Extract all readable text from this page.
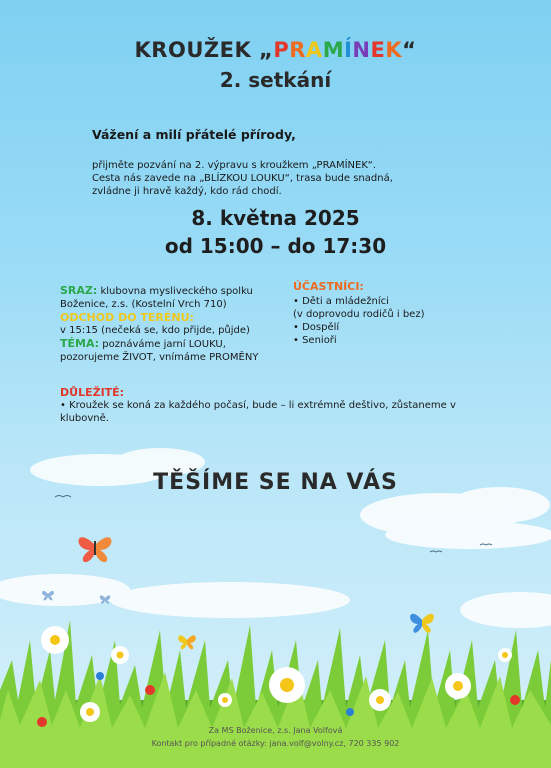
KROUŽEK „PRAMÍNEK“
2. setkání
Vážení a milí přátelé přírody,
přijměte pozvání na 2. výpravu s kroužkem „PRAMÍNEK“.
Cesta nás zavede na „BLÍZKOU LOUKU“, trasa bude snadná,
zvládne ji hravě každý, kdo rád chodí.
8. května 2025
od 15:00 – do 17:30
SRAZ: klubovna mysliveckého spolku
Boženice, z.s. (Kostelní Vrch 710)
ODCHOD DO TERÉNU:
v 15:15 (nečeká se, kdo přijde, půjde)
TÉMA: poznáváme jarní LOUKU,
pozorujeme ŽIVOT, vnímáme PROMĚNY
ÚČASTNÍCI:
• Děti a mládežníci
(v doprovodu rodičů i bez)
• Dospělí
• Senioři
DŮLEŽITÉ:
• Kroužek se koná za každého počasí, bude – li extrémně deštivo, zůstaneme v
klubovně.
TĚŠÍME SE NA VÁS
Za MS Boženice, z.s. Jana Volfová
Kontakt pro případné otázky: jana.volf@volny.cz, 720 335 902
